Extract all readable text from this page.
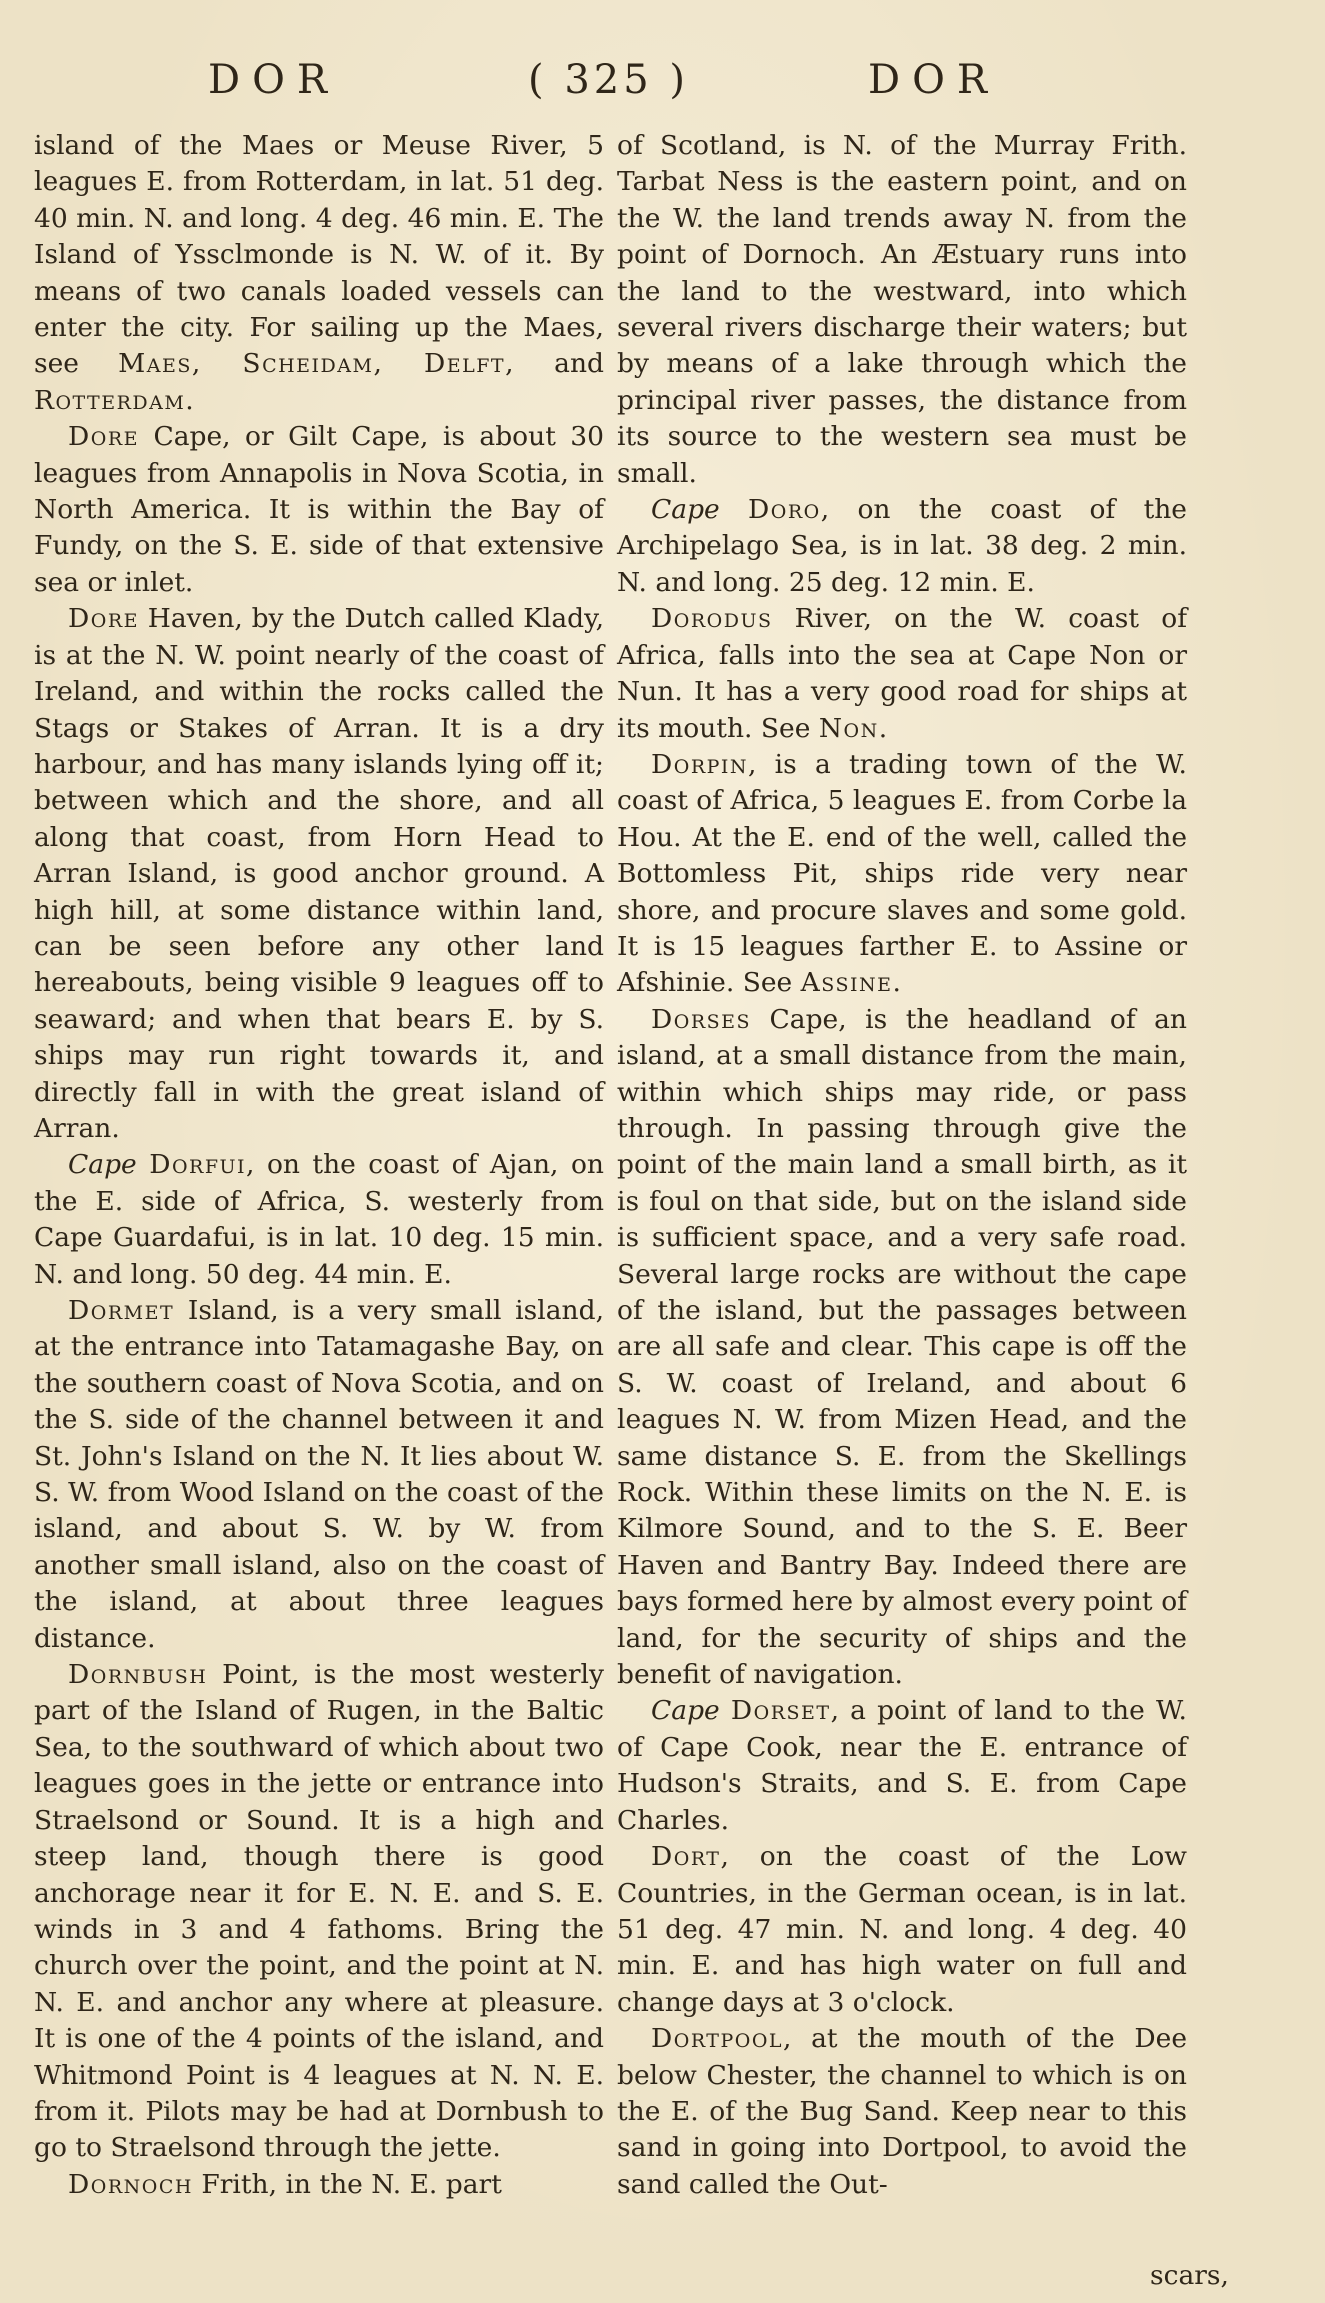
DOR	( 325 )	DOR

island of the Maes or Meuse River, 5 leagues E. from Rotterdam, in lat. 51 deg. 40 min. N. and long. 4 deg. 46 min. E. The Island of Yssclmonde is N. W. of it. By means of two canals loaded vessels can enter the city. For sailing up the Maes, see Maes, Scheidam, Delft, and Rotterdam.

Dore Cape, or Gilt Cape, is about 30 leagues from Annapolis in Nova Scotia, in North America. It is within the Bay of Fundy, on the S. E. side of that extensive sea or inlet.

Dore Haven, by the Dutch called Klady, is at the N. W. point nearly of the coast of Ireland, and within the rocks called the Stags or Stakes of Arran. It is a dry harbour, and has many islands lying off it; between which and the shore, and all along that coast, from Horn Head to Arran Island, is good anchor ground. A high hill, at some distance within land, can be seen before any other land hereabouts, being visible 9 leagues off to seaward; and when that bears E. by S. ships may run right towards it, and directly fall in with the great island of Arran.

Cape Dorfui, on the coast of Ajan, on the E. side of Africa, S. westerly from Cape Guardafui, is in lat. 10 deg. 15 min. N. and long. 50 deg. 44 min. E.

Dormet Island, is a very small island, at the entrance into Tatamagashe Bay, on the southern coast of Nova Scotia, and on the S. side of the channel between it and St. John's Island on the N. It lies about W. S. W. from Wood Island on the coast of the island, and about S. W. by W. from another small island, also on the coast of the island, at about three leagues distance.

Dornbush Point, is the most westerly part of the Island of Rugen, in the Baltic Sea, to the southward of which about two leagues goes in the jette or entrance into Straelsond or Sound. It is a high and steep land, though there is good anchorage near it for E. N. E. and S. E. winds in 3 and 4 fathoms. Bring the church over the point, and the point at N. N. E. and anchor any where at pleasure. It is one of the 4 points of the island, and Whitmond Point is 4 leagues at N. N. E. from it. Pilots may be had at Dornbush to go to Straelsond through the jette.

Dornoch Frith, in the N. E. part

of Scotland, is N. of the Murray Frith. Tarbat Ness is the eastern point, and on the W. the land trends away N. from the point of Dornoch. An Æstuary runs into the land to the westward, into which several rivers discharge their waters; but by means of a lake through which the principal river passes, the distance from its source to the western sea must be small.

Cape Doro, on the coast of the Archipelago Sea, is in lat. 38 deg. 2 min. N. and long. 25 deg. 12 min. E.

Dorodus River, on the W. coast of Africa, falls into the sea at Cape Non or Nun. It has a very good road for ships at its mouth. See Non.

Dorpin, is a trading town of the W. coast of Africa, 5 leagues E. from Corbe la Hou. At the E. end of the well, called the Bottomless Pit, ships ride very near shore, and procure slaves and some gold. It is 15 leagues farther E. to Assine or Afshinie. See Assine.

Dorses Cape, is the headland of an island, at a small distance from the main, within which ships may ride, or pass through. In passing through give the point of the main land a small birth, as it is foul on that side, but on the island side is sufficient space, and a very safe road. Several large rocks are without the cape of the island, but the passages between are all safe and clear. This cape is off the S. W. coast of Ireland, and about 6 leagues N. W. from Mizen Head, and the same distance S. E. from the Skellings Rock. Within these limits on the N. E. is Kilmore Sound, and to the S. E. Beer Haven and Bantry Bay. Indeed there are bays formed here by almost every point of land, for the security of ships and the benefit of navigation.

Cape Dorset, a point of land to the W. of Cape Cook, near the E. entrance of Hudson's Straits, and S. E. from Cape Charles.

Dort, on the coast of the Low Countries, in the German ocean, is in lat. 51 deg. 47 min. N. and long. 4 deg. 40 min. E. and has high water on full and change days at 3 o'clock.

Dortpool, at the mouth of the Dee below Chester, the channel to which is on the E. of the Bug Sand. Keep near to this sand in going into Dortpool, to avoid the sand called the Out-

scars,
